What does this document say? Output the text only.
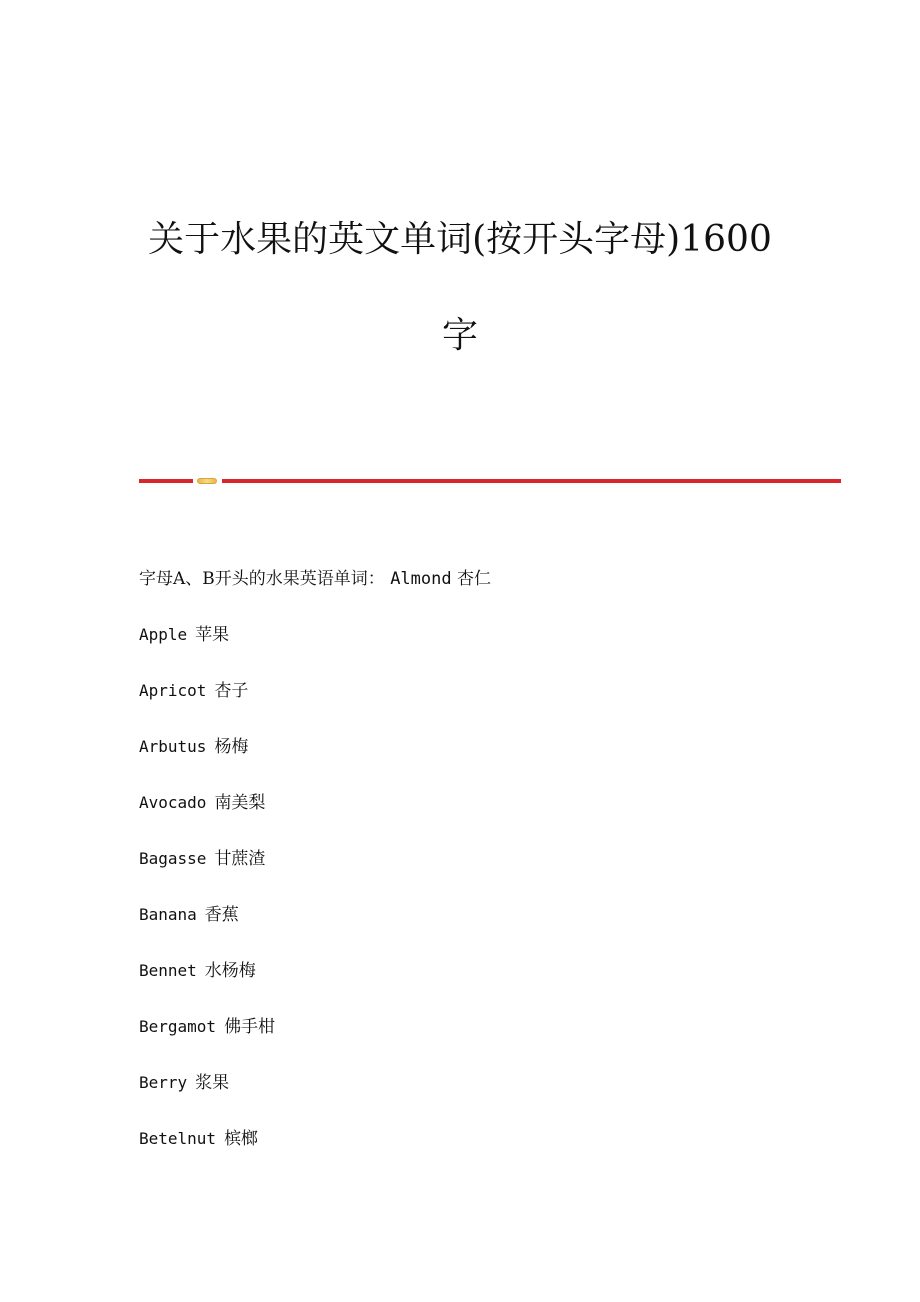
关于水果的英文单词(按开头字母)1600
字
字母A、B开头的水果英语单词： Almond 杏仁
Apple 苹果
Apricot 杏子
Arbutus 杨梅
Avocado 南美梨
Bagasse 甘蔗渣
Banana 香蕉
Bennet 水杨梅
Bergamot 佛手柑
Berry 浆果
Betelnut 槟榔
